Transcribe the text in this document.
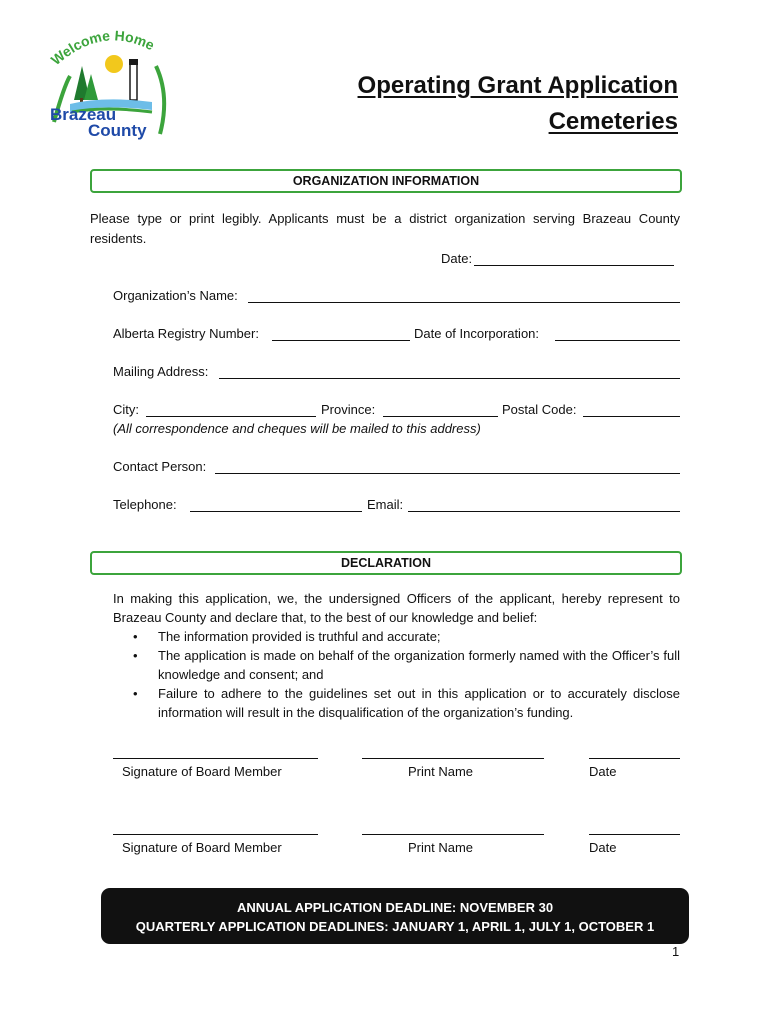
Welcome Home
Brazeau
County
Operating Grant Application
Cemeteries
ORGANIZATION INFORMATION
Please type or print legibly. Applicants must be a district organization serving Brazeau County residents.
Date:
Organization’s Name:
Alberta Registry Number:	Date of Incorporation:
Mailing Address:
City:	Province:	Postal Code:
(All correspondence and cheques will be mailed to this address)
Contact Person:
Telephone:	Email:
DECLARATION
In making this application, we, the undersigned Officers of the applicant, hereby represent to Brazeau County and declare that, to the best of our knowledge and belief:
• The information provided is truthful and accurate;
• The application is made on behalf of the organization formerly named with the Officer’s full knowledge and consent; and
• Failure to adhere to the guidelines set out in this application or to accurately disclose information will result in the disqualification of the organization’s funding.
Signature of Board Member	Print Name	Date
Signature of Board Member	Print Name	Date
ANNUAL APPLICATION DEADLINE: NOVEMBER 30
QUARTERLY APPLICATION DEADLINES: JANUARY 1, APRIL 1, JULY 1, OCTOBER 1
1
